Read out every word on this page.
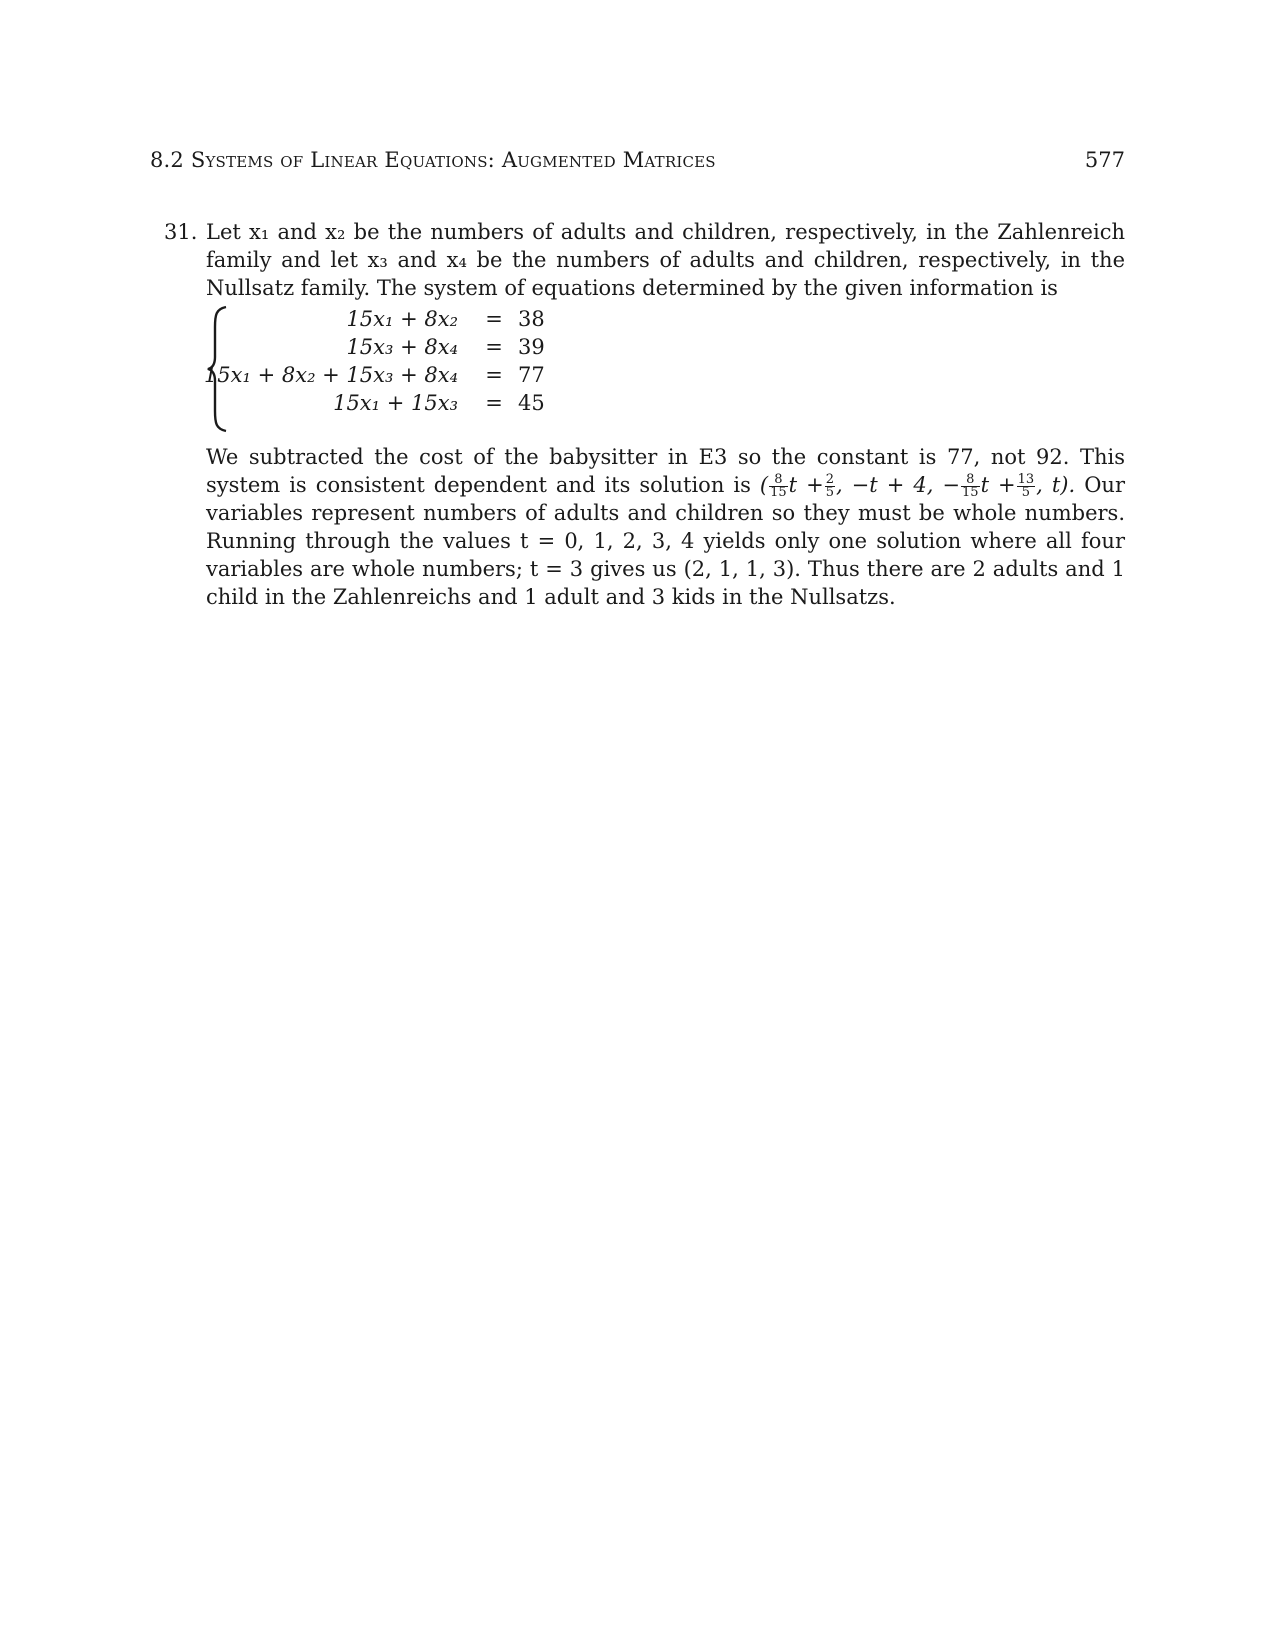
8.2 Systems of Linear Equations: Augmented Matrices	577
31. Let x₁ and x₂ be the numbers of adults and children, respectively, in the Zahlenreich family and let x₃ and x₄ be the numbers of adults and children, respectively, in the Nullsatz family. The system of equations determined by the given information is

15x₁ + 8x₂ = 38
15x₃ + 8x₄ = 39
15x₁ + 8x₂ + 15x₃ + 8x₄ = 77
15x₁ + 15x₃ = 45

We subtracted the cost of the babysitter in E3 so the constant is 77, not 92. This system is consistent dependent and its solution is ( $\frac{8}{15}$ $t + \frac{2}{5}$ , −t + 4, − $\frac{8}{15}$ $t + \frac{13}{5}$ , t). Our variables represent numbers of adults and children so they must be whole numbers. Running through the values t = 0, 1, 2, 3, 4 yields only one solution where all four variables are whole numbers; t = 3 gives us (2, 1, 1, 3). Thus there are 2 adults and 1 child in the Zahlenreichs and 1 adult and 3 kids in the Nullsatzs.
